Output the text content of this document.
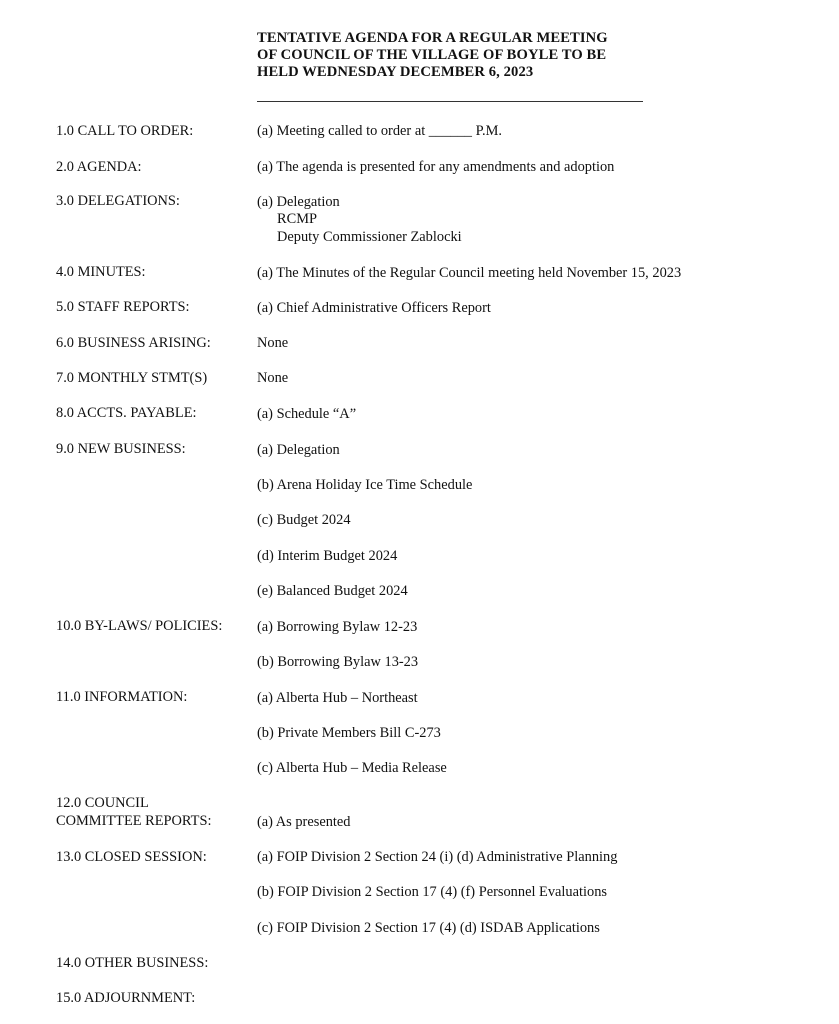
TENTATIVE AGENDA FOR A REGULAR MEETING
OF COUNCIL OF THE VILLAGE OF BOYLE TO BE
HELD WEDNESDAY DECEMBER 6, 2023
1.0 CALL TO ORDER:	(a) Meeting called to order at ______ P.M.
2.0 AGENDA:	(a) The agenda is presented for any amendments and adoption
3.0 DELEGATIONS:	(a) Delegation
RCMP
Deputy Commissioner Zablocki
4.0 MINUTES:	(a) The Minutes of the Regular Council meeting held November 15, 2023
5.0 STAFF REPORTS:	(a) Chief Administrative Officers Report
6.0 BUSINESS ARISING:	None
7.0 MONTHLY STMT(S)	None
8.0 ACCTS. PAYABLE:	(a) Schedule “A”
9.0 NEW BUSINESS:	(a) Delegation
(b) Arena Holiday Ice Time Schedule
(c) Budget 2024
(d) Interim Budget 2024
(e) Balanced Budget 2024
10.0 BY-LAWS/ POLICIES: (a) Borrowing Bylaw 12-23
(b) Borrowing Bylaw 13-23
11.0 INFORMATION:	(a) Alberta Hub – Northeast
(b) Private Members Bill C-273
(c) Alberta Hub – Media Release
12.0 COUNCIL
COMMITTEE REPORTS:	(a) As presented
13.0 CLOSED SESSION:	(a) FOIP Division 2 Section 24 (i) (d) Administrative Planning
(b) FOIP Division 2 Section 17 (4) (f) Personnel Evaluations
(c) FOIP Division 2 Section 17 (4) (d) ISDAB Applications
14.0 OTHER BUSINESS:
15.0 ADJOURNMENT:
